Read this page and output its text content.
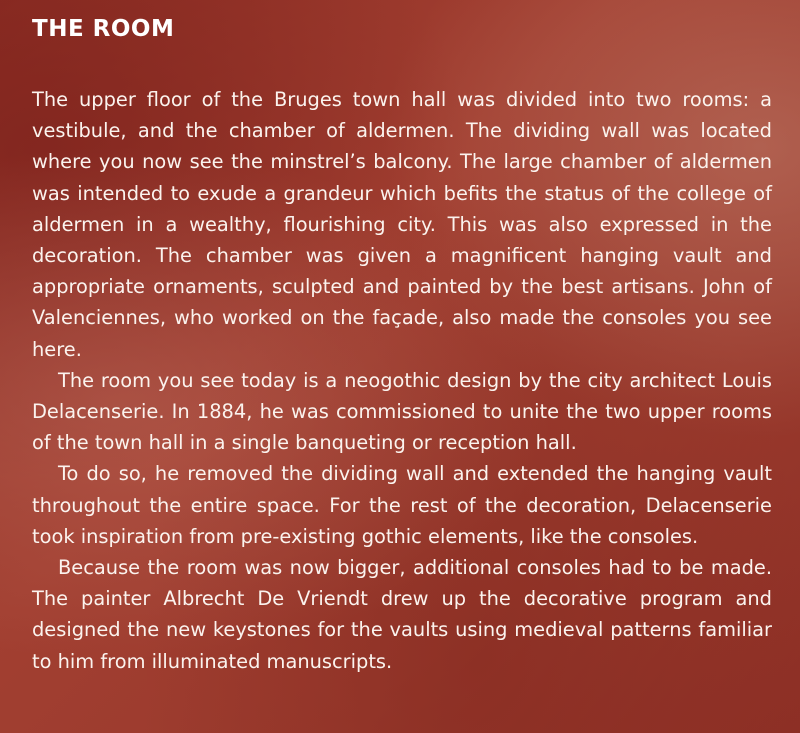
THE ROOM

The upper floor of the Bruges town hall was divided into two rooms: a vestibule, and the chamber of aldermen. The dividing wall was located where you now see the minstrel’s balcony. The large chamber of aldermen was intended to exude a grandeur which befits the status of the college of aldermen in a wealthy, flourishing city. This was also expressed in the decoration. The chamber was given a magnificent hanging vault and appropriate ornaments, sculpted and painted by the best artisans. John of Valenciennes, who worked on the façade, also made the consoles you see here.

The room you see today is a neogothic design by the city architect Louis Delacenserie. In 1884, he was commissioned to unite the two upper rooms of the town hall in a single banqueting or reception hall.

To do so, he removed the dividing wall and extended the hanging vault throughout the entire space. For the rest of the decoration, Delacenserie took inspiration from pre-existing gothic elements, like the consoles.

Because the room was now bigger, additional consoles had to be made. The painter Albrecht De Vriendt drew up the decorative program and designed the new keystones for the vaults using medieval patterns familiar to him from illuminated manuscripts.
